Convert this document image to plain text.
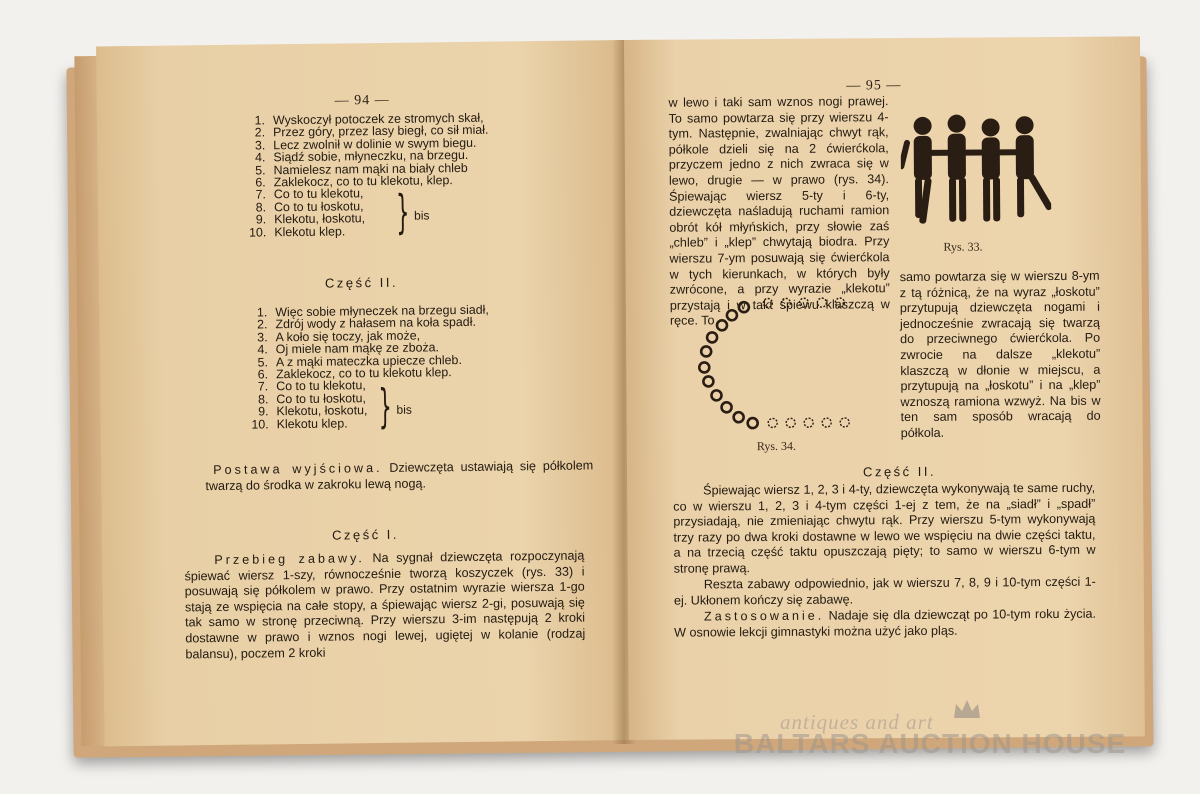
— 94 —
1. Wyskoczył potoczek ze stromych skał,
2. Przez góry, przez lasy biegł, co sił miał.
3. Lecz zwolnił w dolinie w swym biegu.
4. Siądź sobie, młyneczku, na brzegu.
5. Namielesz nam mąki na biały chleb
6. Zaklekocz, co to tu klekotu, klep.
7. Co to tu klekotu,
8. Co to tu łoskotu,
9. Klekotu, łoskotu,
10. Klekotu klep.	} bis
Część II.
1. Więc sobie młyneczek na brzegu siadł,
2. Zdrój wody z hałasem na koła spadł.
3. A koło się toczy, jak może,
4. Oj miele nam mąkę ze zboża.
5. A z mąki mateczka upiecze chleb.
6. Zaklekocz, co to tu klekotu klep.
7. Co to tu klekotu,
8. Co to tu łoskotu,
9. Klekotu, łoskotu,
10. Klekotu klep. } bis

Postawa wyjściowa. Dziewczęta ustawiają się półkolem twarzą do środka w zakroku lewą nogą.

Część I.

Przebieg zabawy. Na sygnał dziewczęta rozpoczynają śpiewać wiersz 1-szy, równocześnie tworzą koszyczek (rys. 33) i posuwają się półkolem w prawo. Przy ostatnim wyrazie wiersza 1-go stają ze wspięcia na całe stopy, a śpiewając wiersz 2-gi, posuwają się tak samo w stronę przeciwną. Przy wierszu 3-im następują 2 kroki dostawne w prawo i wznos nogi lewej, ugiętej w kolanie (rodzaj balansu), poczem 2 kroki

— 95 —

w lewo i taki sam wznos nogi prawej. To samo powtarza się przy wierszu 4-tym. Następnie, zwalniając chwyt rąk, półkole dzieli się na 2 ćwierćkola, przyczem jedno z nich zwraca się w lewo, drugie — w prawo (rys. 34). Śpiewając wiersz 5-ty i 6-ty, dziewczęta naśladują ruchami ramion obrót kół młyńskich, przy słowie zaś „chleb” i „klep” chwytają biodra. Przy wierszu 7-ym posuwają się ćwierćkola w tych kierunkach, w których były zwrócone, a przy wyrazie „klekotu” przystają i w takt śpiewu klaszczą w ręce. To

Rys. 33.
Rys. 34.

samo powtarza się w wierszu 8-ym z tą różnicą, że na wyraz „łoskotu” przytupują dziewczęta nogami i jednocześnie zwracają się twarzą do przeciwnego ćwierćkola. Po zwrocie na dalsze „klekotu” klaszczą w dłonie w miejscu, a przytupują na „łoskotu” i na „klep” wznoszą ramiona wzwyż. Na bis w ten sam sposób wracają do półkola.

Część II.

Śpiewając wiersz 1, 2, 3 i 4-ty, dziewczęta wykonywają te same ruchy, co w wierszu 1, 2, 3 i 4-tym części 1-ej z tem, że na „siadł” i „spadł” przysiadają, nie zmieniając chwytu rąk. Przy wierszu 5-tym wykonywają trzy razy po dwa kroki dostawne w lewo we wspięciu na dwie części taktu, a na trzecią część taktu opuszczają pięty; to samo w wierszu 6-tym w stronę prawą.

Reszta zabawy odpowiednio, jak w wierszu 7, 8, 9 i 10-tym części 1-ej. Ukłonem kończy się zabawę.

Zastosowanie. Nadaje się dla dziewcząt po 10-tym roku życia. W osnowie lekcji gimnastyki można użyć jako pląs.

antiques and art
BALTARS AUCTION HOUSE
